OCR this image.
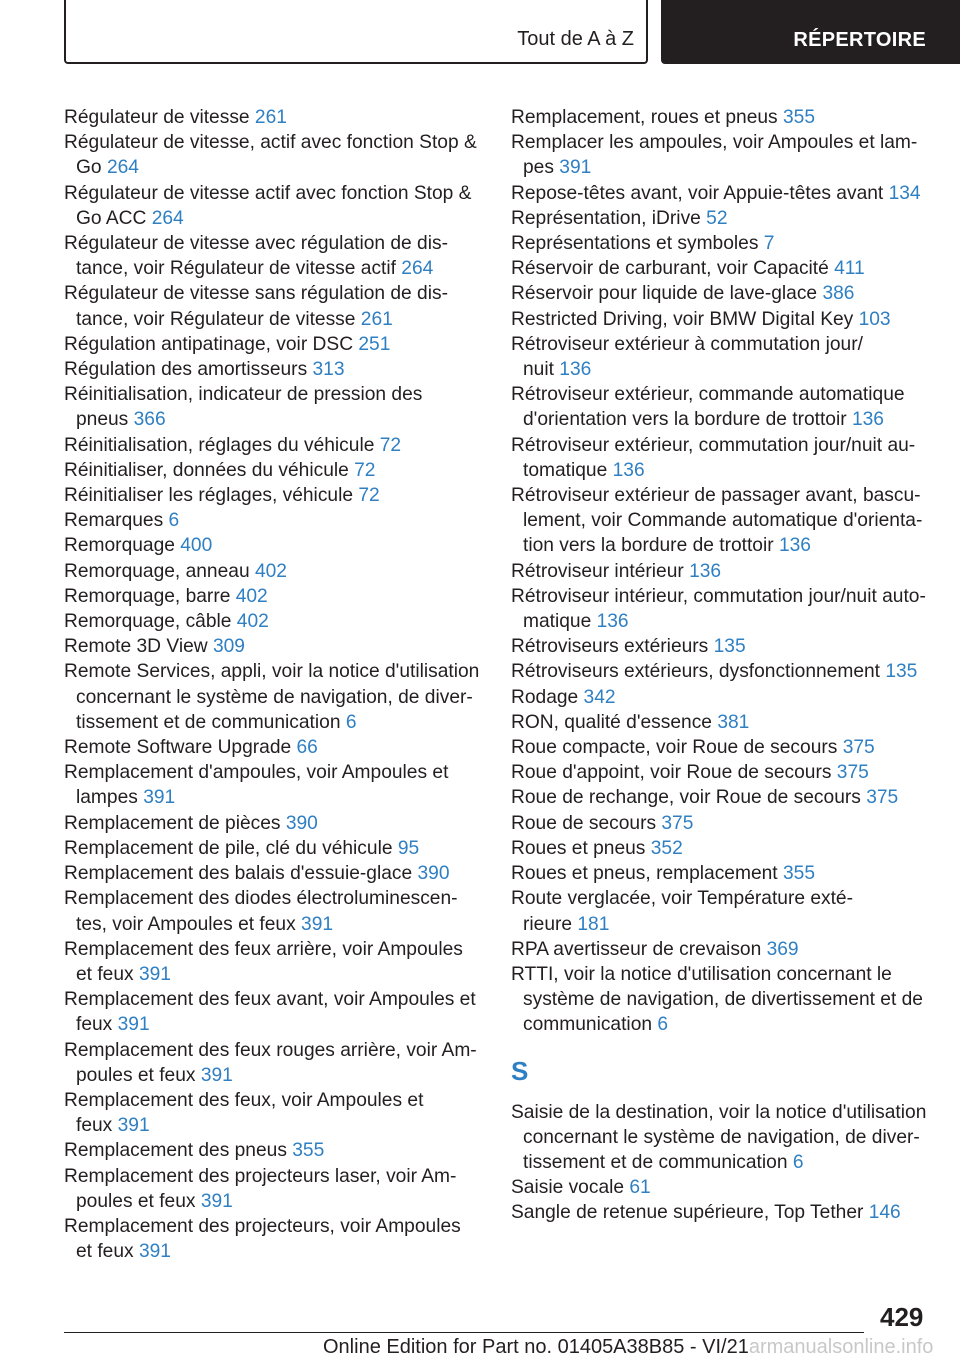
Tout de A à Z	RÉPERTOIRE

Régulateur de vitesse 261

Régulateur de vitesse, actif avec fonction Stop &
Go 264

Régulateur de vitesse actif avec fonction Stop &
Go ACC 264

Régulateur de vitesse avec régulation de dis‐
tance, voir Régulateur de vitesse actif 264

Régulateur de vitesse sans régulation de dis‐
tance, voir Régulateur de vitesse 261

Régulation antipatinage, voir DSC 251

Régulation des amortisseurs 313

Réinitialisation, indicateur de pression des
pneus 366

Réinitialisation, réglages du véhicule 72

Réinitialiser, données du véhicule 72

Réinitialiser les réglages, véhicule 72

Remarques 6

Remorquage 400

Remorquage, anneau 402

Remorquage, barre 402

Remorquage, câble 402

Remote 3D View 309

Remote Services, appli, voir la notice d'utilisation
concernant le système de navigation, de diver‐
tissement et de communication 6

Remote Software Upgrade 66

Remplacement d'ampoules, voir Ampoules et
lampes 391

Remplacement de pièces 390

Remplacement de pile, clé du véhicule 95

Remplacement des balais d'essuie-glace 390

Remplacement des diodes électroluminescen‐
tes, voir Ampoules et feux 391

Remplacement des feux arrière, voir Ampoules
et feux 391

Remplacement des feux avant, voir Ampoules et
feux 391

Remplacement des feux rouges arrière, voir Am‐
poules et feux 391

Remplacement des feux, voir Ampoules et
feux 391

Remplacement des pneus 355

Remplacement des projecteurs laser, voir Am‐
poules et feux 391

Remplacement des projecteurs, voir Ampoules
et feux 391

Remplacement, roues et pneus 355

Remplacer les ampoules, voir Ampoules et lam‐
pes 391

Repose-têtes avant, voir Appuie-têtes avant 134

Représentation, iDrive 52

Représentations et symboles 7

Réservoir de carburant, voir Capacité 411

Réservoir pour liquide de lave-glace 386

Restricted Driving, voir BMW Digital Key 103

Rétroviseur extérieur à commutation jour/
nuit 136

Rétroviseur extérieur, commande automatique
d'orientation vers la bordure de trottoir 136

Rétroviseur extérieur, commutation jour/nuit au‐
tomatique 136

Rétroviseur extérieur de passager avant, bascu‐
lement, voir Commande automatique d'orienta‐
tion vers la bordure de trottoir 136

Rétroviseur intérieur 136

Rétroviseur intérieur, commutation jour/nuit auto‐
matique 136

Rétroviseurs extérieurs 135

Rétroviseurs extérieurs, dysfonctionnement 135

Rodage 342

RON, qualité d'essence 381

Roue compacte, voir Roue de secours 375

Roue d'appoint, voir Roue de secours 375

Roue de rechange, voir Roue de secours 375

Roue de secours 375

Roues et pneus 352

Roues et pneus, remplacement 355

Route verglacée, voir Température exté‐
rieure 181

RPA avertisseur de crevaison 369

RTTI, voir la notice d'utilisation concernant le
système de navigation, de divertissement et de
communication 6

S

Saisie de la destination, voir la notice d'utilisation
concernant le système de navigation, de diver‐
tissement et de communication 6

Saisie vocale 61

Sangle de retenue supérieure, Top Tether 146

429
Online Edition for Part no. 01405A38B85 - VI/21armanualsonline.info
